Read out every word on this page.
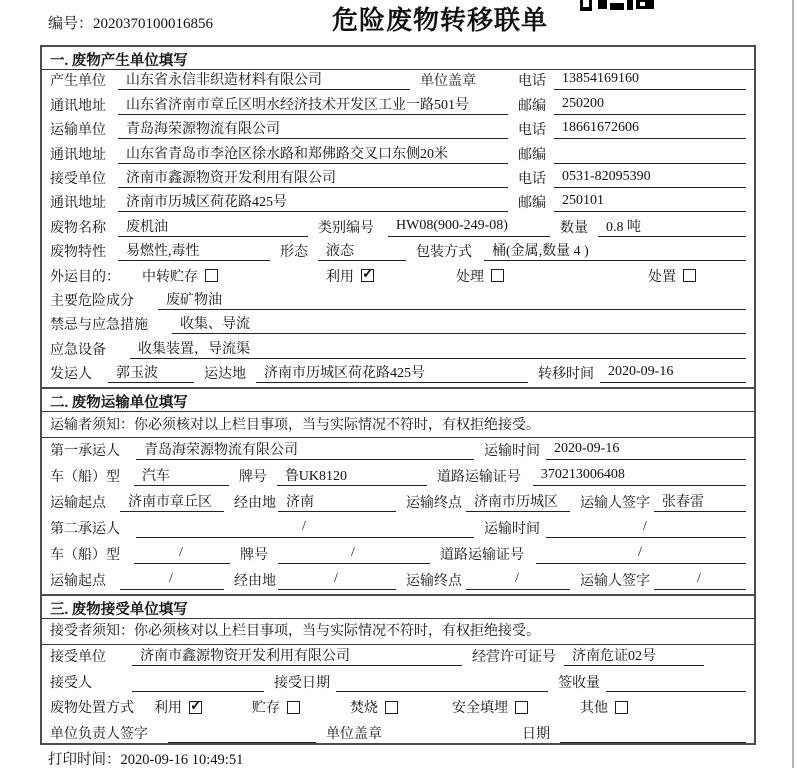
编号：2020370100016856	危险废物转移联单
一. 废物产生单位填写
产生单位	山东省永信非织造材料有限公司	单位盖章	电话	13854169160
通讯地址	山东省济南市章丘区明水经济技术开发区工业一路501号	邮编	250200
运输单位	青岛海荣源物流有限公司	电话	18661672606
通讯地址	山东省青岛市李沧区徐水路和郑佛路交叉口东侧20米	邮编
接受单位	济南市鑫源物资开发利用有限公司	电话	0531-82095390
通讯地址	济南市历城区荷花路425号	邮编	250101
废物名称	废机油	类别编号	HW08(900-249-08)	数量	0.8 吨
废物特性	易燃性,毒性	形态	液态	包装方式	桶(金属,数量 4 )
外运目的：	中转贮存	利用 ✓	处理	处置
主要危险成分	废矿物油
禁忌与应急措施	收集、导流
应急设备	收集装置，导流渠
发运人	郭玉波	运达地	济南市历城区荷花路425号	转移时间	2020-09-16
二. 废物运输单位填写
运输者须知：你必须核对以上栏目事项，当与实际情况不符时，有权拒绝接受。
第一承运人	青岛海荣源物流有限公司	运输时间	2020-09-16
车（船）型	汽车	牌号	鲁UK8120	道路运输证号	370213006408
运输起点	济南市章丘区	经由地 济南	运输终点 济南市历城区	运输人签字 张春雷
第二承运人	/	运输时间	/
车（船）型	/	牌号	/	道路运输证号	/
运输起点	/	经由地	/	运输终点	/	运输人签字	/
三. 废物接受单位填写
接受者须知：你必须核对以上栏目事项，当与实际情况不符时，有权拒绝接受。
接受单位	济南市鑫源物资开发利用有限公司	经营许可证号	济南危证02号
接受人	接受日期	签收量
废物处置方式	利用 ✓	贮存	焚烧	安全填埋	其他
单位负责人签字	单位盖章	日期
打印时间：2020-09-16 10:49:51
